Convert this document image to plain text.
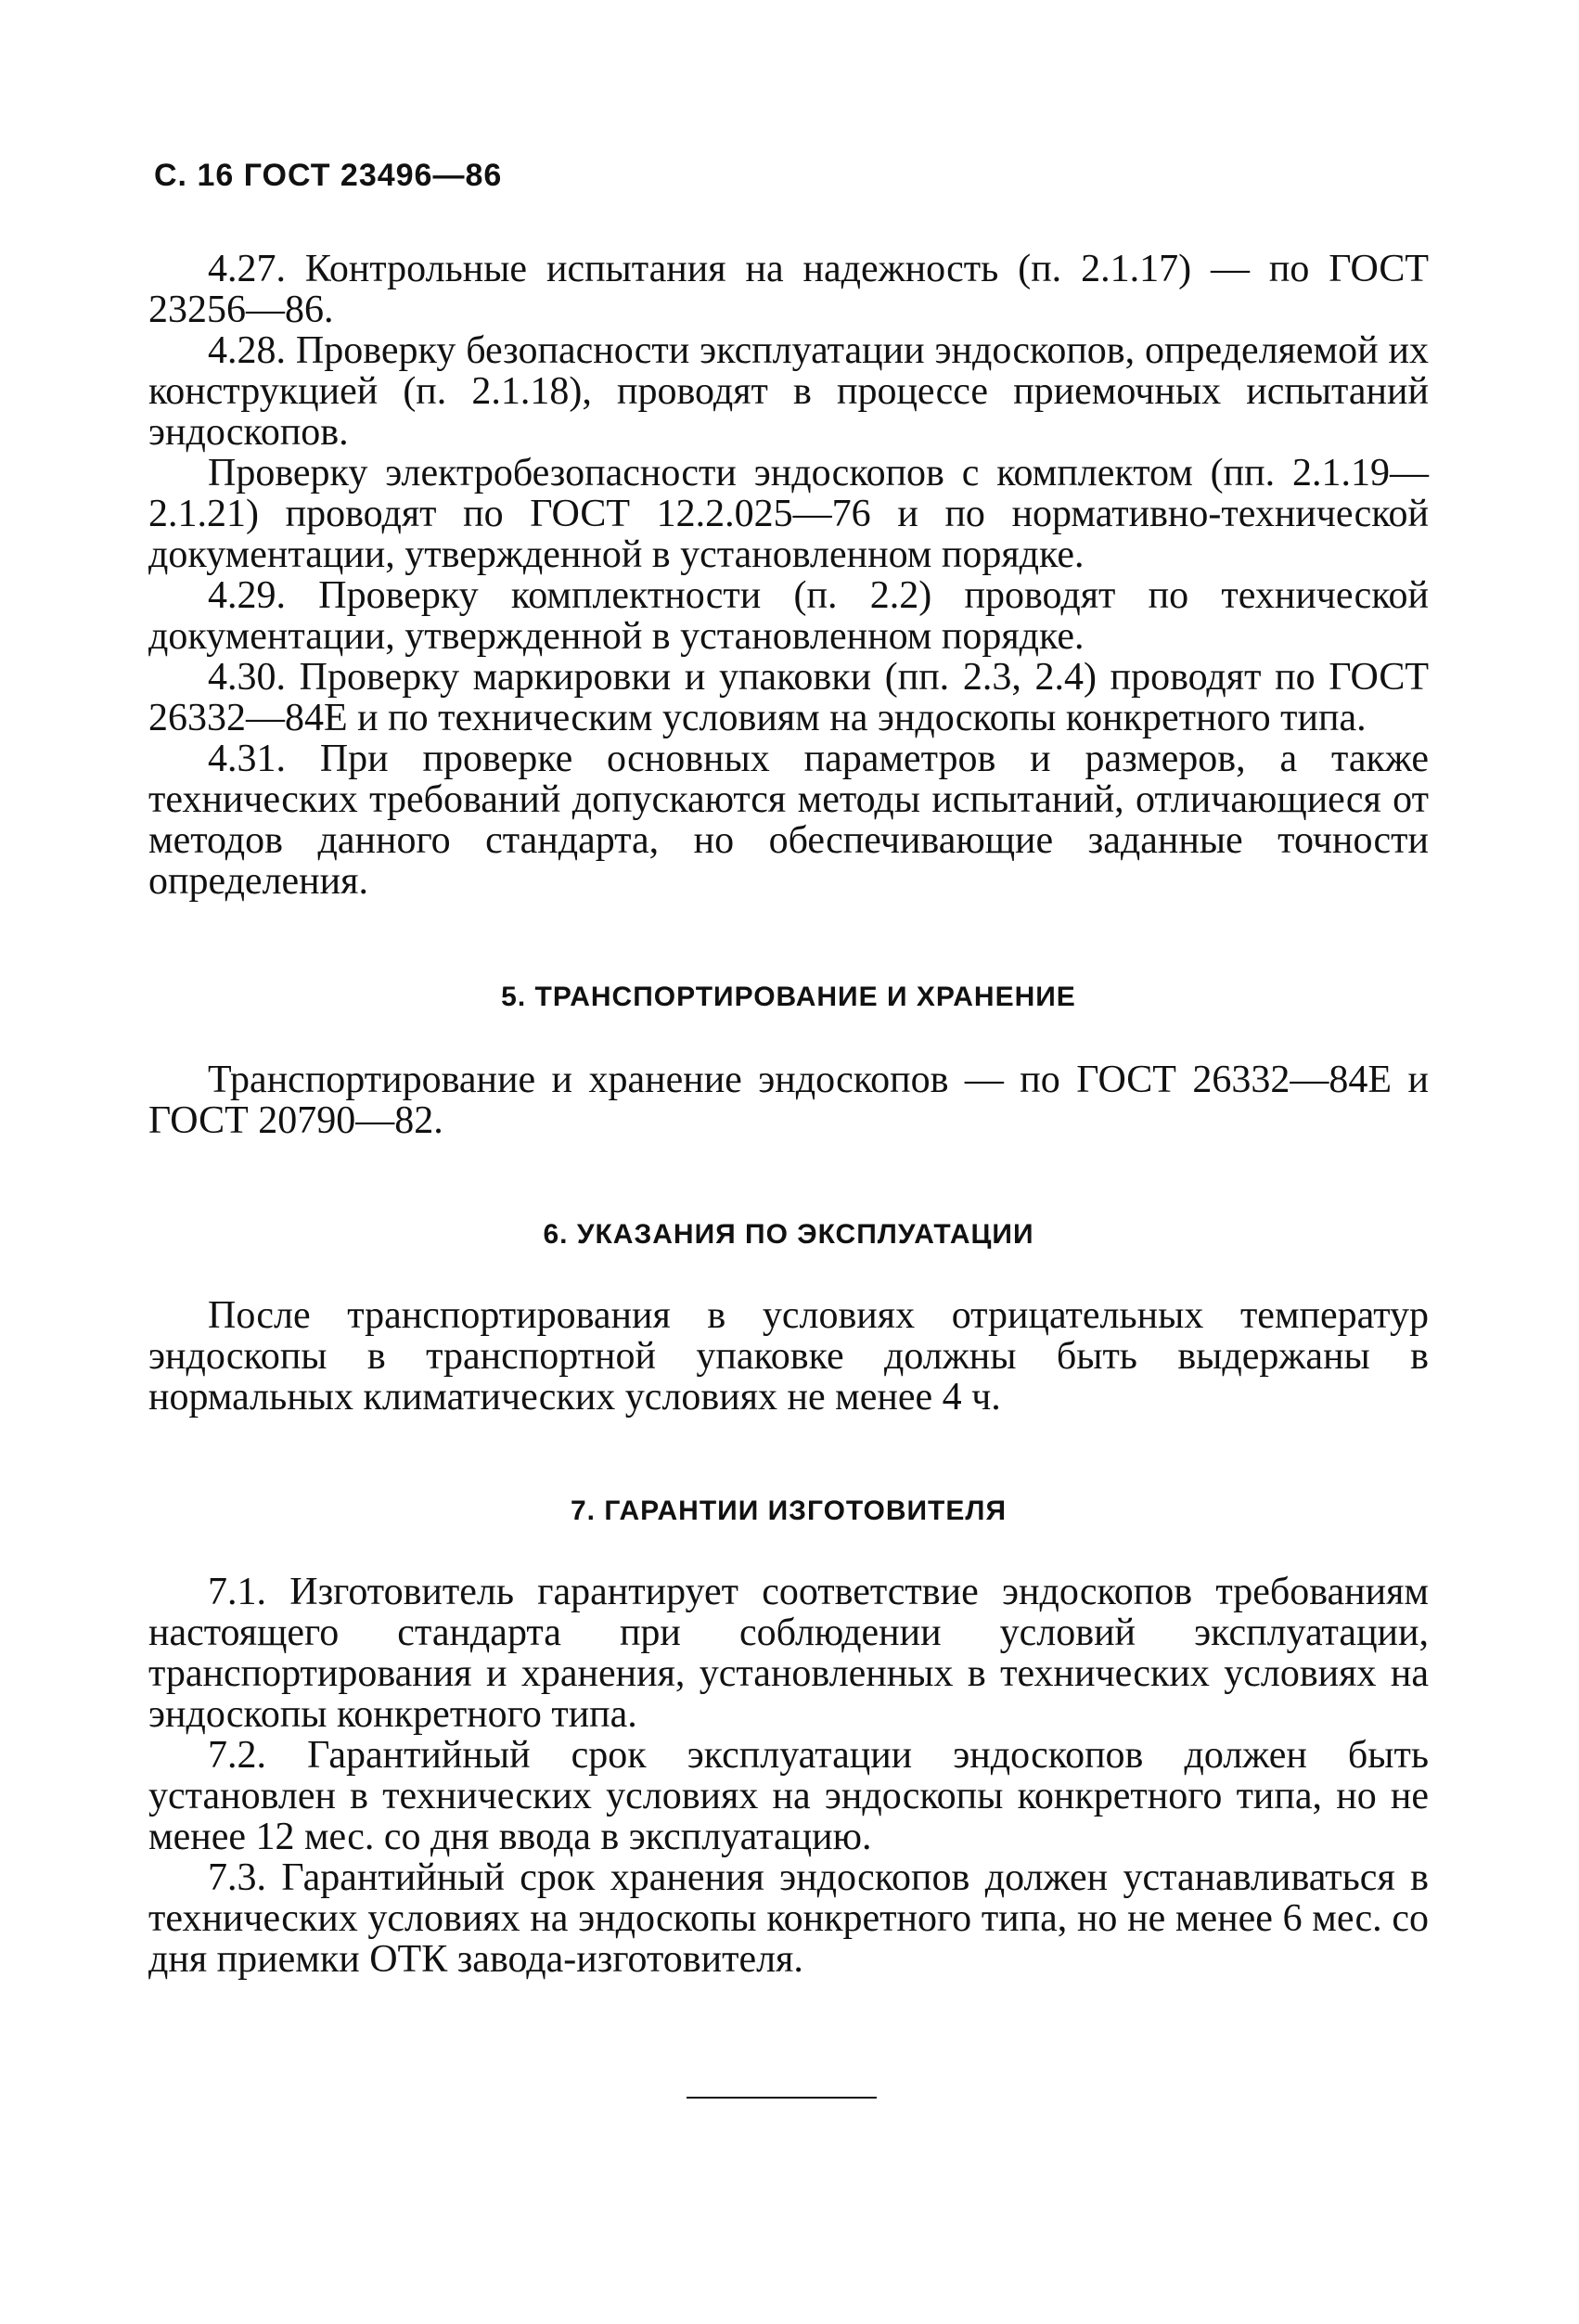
С. 16 ГОСТ 23496—86

4.27. Контрольные испытания на надежность (п. 2.1.17) — по ГОСТ 23256—86.

4.28. Проверку безопасности эксплуатации эндоскопов, определяемой их конструкцией (п. 2.1.18), проводят в процессе приемочных испытаний эндоскопов.

Проверку электробезопасности эндоскопов с комплектом (пп. 2.1.19—2.1.21) проводят по ГОСТ 12.2.025—76 и по нормативно-технической документации, утвержденной в установленном порядке.

4.29. Проверку комплектности (п. 2.2) проводят по технической документации, утвержденной в установленном порядке.

4.30. Проверку маркировки и упаковки (пп. 2.3, 2.4) проводят по ГОСТ 26332—84Е и по техническим условиям на эндоскопы конкретного типа.

4.31. При проверке основных параметров и размеров, а также технических требований допускаются методы испытаний, отличающиеся от методов данного стандарта, но обеспечивающие заданные точности определения.

5. ТРАНСПОРТИРОВАНИЕ И ХРАНЕНИЕ

Транспортирование и хранение эндоскопов — по ГОСТ 26332—84Е и ГОСТ 20790—82.

6. УКАЗАНИЯ ПО ЭКСПЛУАТАЦИИ

После транспортирования в условиях отрицательных температур эндоскопы в транспортной упаковке должны быть выдержаны в нормальных климатических условиях не менее 4 ч.

7. ГАРАНТИИ ИЗГОТОВИТЕЛЯ

7.1. Изготовитель гарантирует соответствие эндоскопов требованиям настоящего стандарта при соблюдении условий эксплуатации, транспортирования и хранения, установленных в технических условиях на эндоскопы конкретного типа.

7.2. Гарантийный срок эксплуатации эндоскопов должен быть установлен в технических условиях на эндоскопы конкретного типа, но не менее 12 мес. со дня ввода в эксплуатацию.

7.3. Гарантийный срок хранения эндоскопов должен устанавливаться в технических условиях на эндоскопы конкретного типа, но не менее 6 мес. со дня приемки ОТК завода-изготовителя.
